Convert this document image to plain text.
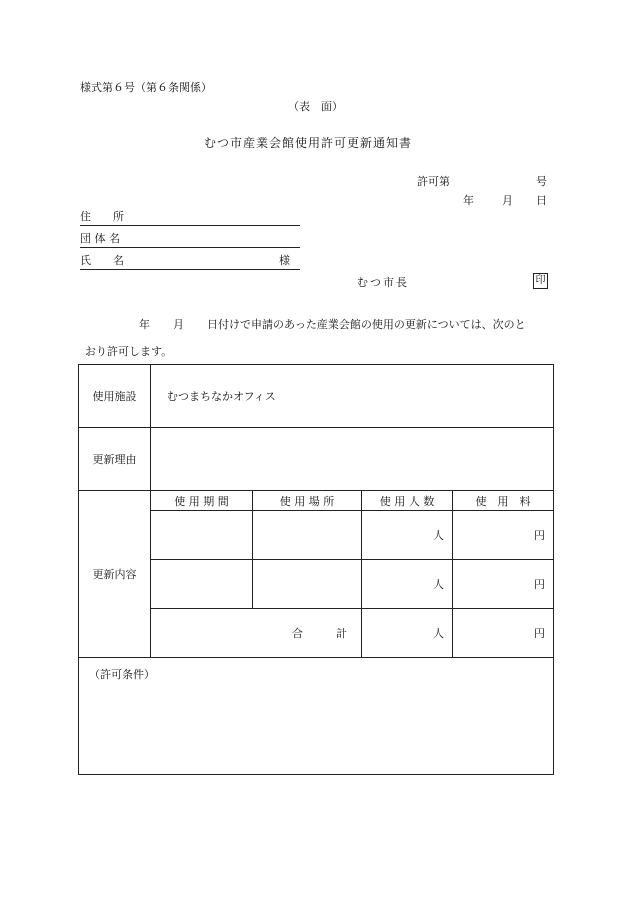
様式第６号（第６条関係）
（表　面）
むつ市産業会館使用許可更新通知書
許可第	号
年	月 日
住　　所
団 体 名
氏　　名	様
むつ市長	印
年 月 日付けで申請のあった産業会館の使用の更新については、次のと
おり許可します。
使用施設	むつまちなかオフィス			
更新理由				
更新内容	使 用 期 間	使 用 場 所	使 用 人 数	使　用　料
			人	円
			人	円
	合　　　計		人	円
（許可条件）				
